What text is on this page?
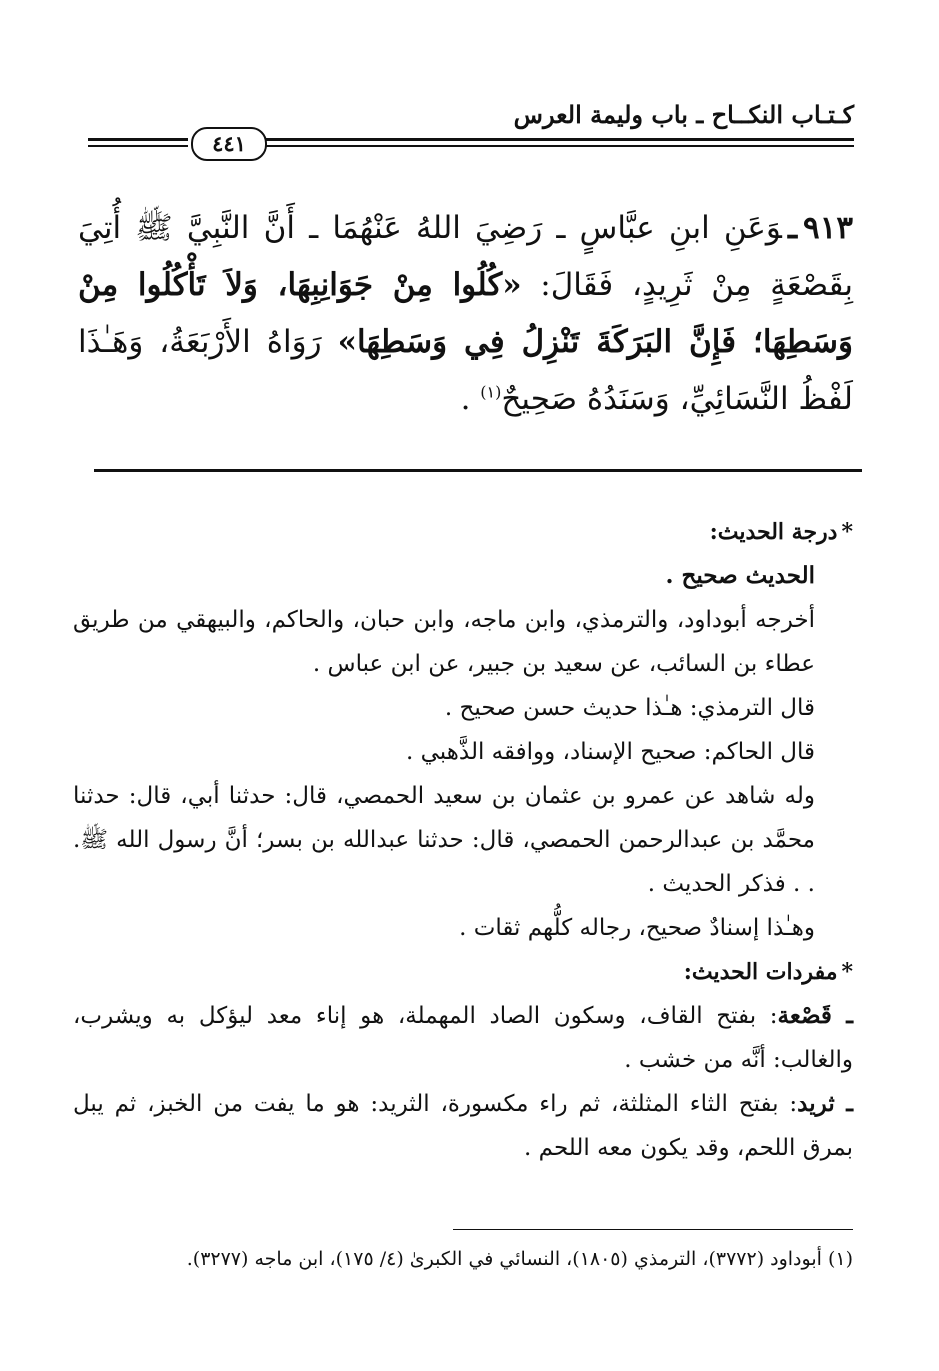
كـتـاب النكــاح ـ باب وليمة العرس
٤٤١
٩١٣ـوَعَنِ ابنِ عبَّاسٍ ـ رَضِيَ اللهُ عَنْهُمَا ـ أَنَّ النَّبِيَّ ﷺ أُتِيَ بِقَصْعَةٍ مِنْ ثَرِيدٍ، فَقَالَ: «كُلُوا مِنْ جَوَانِبِهَا، وَلاَ تَأْكُلُوا مِنْ وَسَطِهَا؛ فَإِنَّ البَرَكَةَ تَنْزِلُ فِي وَسَطِهَا» رَوَاهُ الأَرْبَعَةُ، وَهَـٰذَا لَفْظُ النَّسَائِيِّ، وَسَنَدُهُ صَحِيحٌ$^{(١)}$ .

*درجة الحديث:

الحديث صحيح .

أخرجه أبوداود، والترمذي، وابن ماجه، وابن حبان، والحاكم، والبيهقي من طريق عطاء بن السائب، عن سعيد بن جبير، عن ابن عباس .

قال الترمذي: هـٰذا حديث حسن صحيح .

قال الحاكم: صحيح الإسناد، ووافقه الذَّهبي .

وله شاهد عن عمرو بن عثمان بن سعيد الحمصي، قال: حدثنا أبي، قال: حدثنا محمَّد بن عبدالرحمن الحمصي، قال: حدثنا عبدالله بن بسر؛ أنَّ رسول الله ﷺ. . . فذكر الحديث .

وهـٰذا إسنادٌ صحيح، رجاله كلُّهم ثقات .

*مفردات الحديث:

ـ قَصْعة: بفتح القاف، وسكون الصاد المهملة، هو إناء معد ليؤكل به ويشرب، والغالب: أنَّه من خشب .

ـ ثريد: بفتح الثاء المثلثة، ثم راء مكسورة، الثريد: هو ما يفت من الخبز، ثم يبل بمرق اللحم، وقد يكون معه اللحم .

(١) أبوداود (٣٧٧٢)، الترمذي (١٨٠٥)، النسائي في الكبرىٰ (٤/ ١٧٥)، ابن ماجه (٣٢٧٧).
